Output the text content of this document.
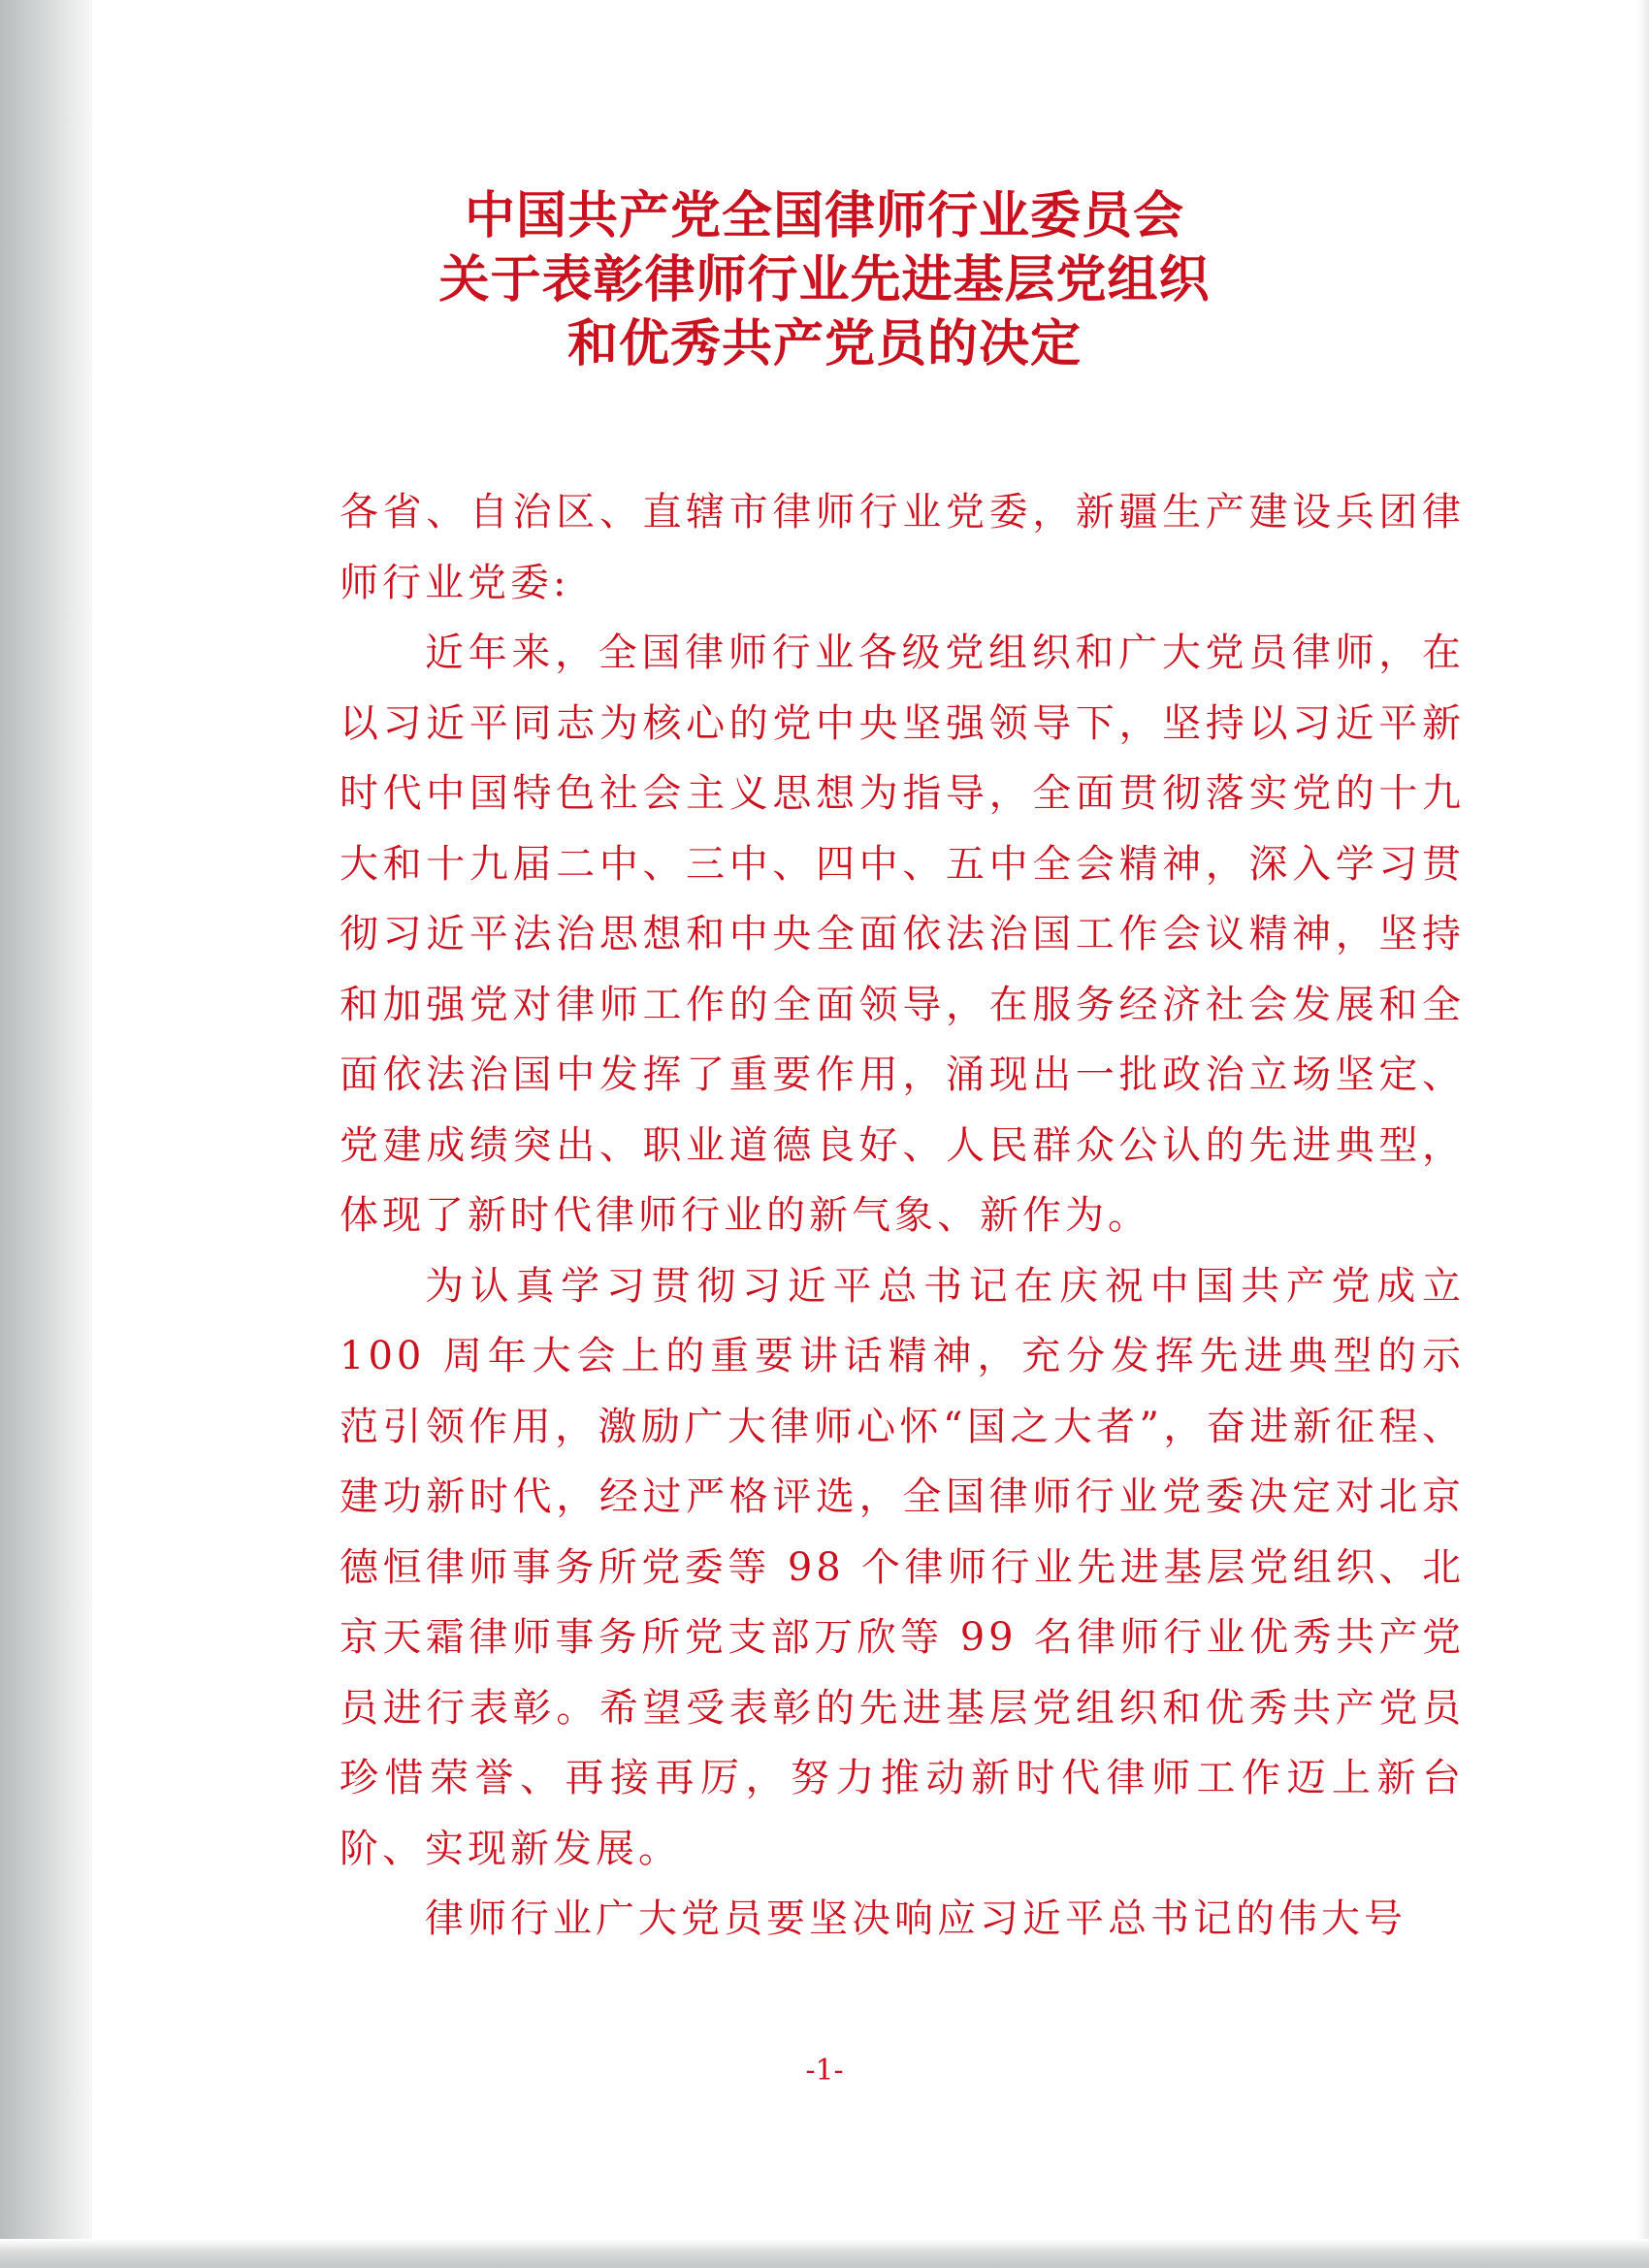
中国共产党全国律师行业委员会
关于表彰律师行业先进基层党组织
和优秀共产党员的决定

各省、自治区、直辖市律师行业党委，新疆生产建设兵团律师行业党委:

近年来，全国律师行业各级党组织和广大党员律师，在以习近平同志为核心的党中央坚强领导下，坚持以习近平新时代中国特色社会主义思想为指导，全面贯彻落实党的十九大和十九届二中、三中、四中、五中全会精神，深入学习贯彻习近平法治思想和中央全面依法治国工作会议精神，坚持和加强党对律师工作的全面领导，在服务经济社会发展和全面依法治国中发挥了重要作用，涌现出一批政治立场坚定、党建成绩突出、职业道德良好、人民群众公认的先进典型，体现了新时代律师行业的新气象、新作为。

为认真学习贯彻习近平总书记在庆祝中国共产党成立 100 周年大会上的重要讲话精神，充分发挥先进典型的示范引领作用，激励广大律师心怀“国之大者”，奋进新征程、建功新时代，经过严格评选，全国律师行业党委决定对北京德恒律师事务所党委等 98 个律师行业先进基层党组织、北京天霜律师事务所党支部万欣等 99 名律师行业优秀共产党员进行表彰。希望受表彰的先进基层党组织和优秀共产党员珍惜荣誉、再接再厉，努力推动新时代律师工作迈上新台阶、实现新发展。

律师行业广大党员要坚决响应习近平总书记的伟大号

-1-
